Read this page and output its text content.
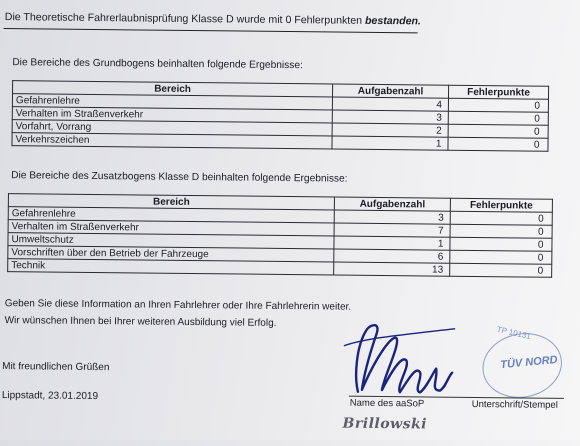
Die Theoretische Fahrerlaubnisprüfung Klasse D wurde mit 0 Fehlerpunkten bestanden.
Die Bereiche des Grundbogens beinhalten folgende Ergebnisse:
Bereich	Aufgabenzahl	Fehlerpunkte
Gefahrenlehre	4	0
Verhalten im Straßenverkehr	3	0
Vorfahrt, Vorrang	2	0
Verkehrszeichen	1	0
Die Bereiche des Zusatzbogens Klasse D beinhalten folgende Ergebnisse:
Bereich	Aufgabenzahl	Fehlerpunkte
Gefahrenlehre	3	0
Verhalten im Straßenverkehr	7	0
Umweltschutz	1	0
Vorschriften über den Betrieb der Fahrzeuge	6	0
Technik	13	0
Geben Sie diese Information an Ihren Fahrlehrer oder Ihre Fahrlehrerin weiter.
Wir wünschen Ihnen bei Ihrer weiteren Ausbildung viel Erfolg.
Mit freundlichen Grüßen
Lippstadt, 23.01.2019
TP 10131
TÜV NORD
Name des aaSoP	Unterschrift/Stempel
Brillowski
